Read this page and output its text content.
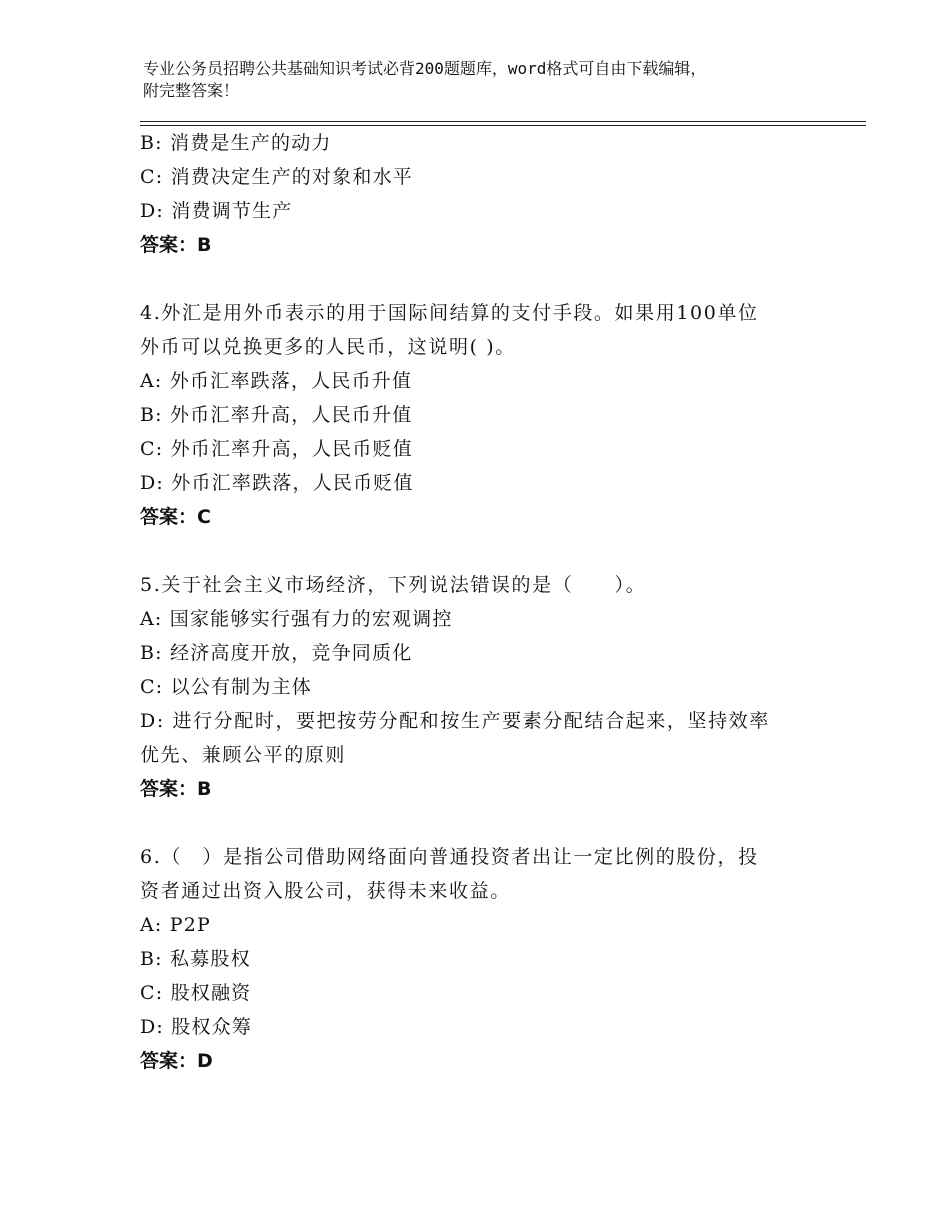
专业公务员招聘公共基础知识考试必背200题题库，word格式可自由下载编辑，
附完整答案！
B: 消费是生产的动力
C: 消费决定生产的对象和水平
D: 消费调节生产
答案：B
4.外汇是用外币表示的用于国际间结算的支付手段。如果用100单位
外币可以兑换更多的人民币，这说明( )。
A: 外币汇率跌落，人民币升值
B: 外币汇率升高，人民币升值
C: 外币汇率升高，人民币贬值
D: 外币汇率跌落，人民币贬值
答案：C
5.关于社会主义市场经济，下列说法错误的是（　　）。
A: 国家能够实行强有力的宏观调控
B: 经济高度开放，竞争同质化
C: 以公有制为主体
D: 进行分配时，要把按劳分配和按生产要素分配结合起来，坚持效率
优先、兼顾公平的原则
答案：B
6.（　）是指公司借助网络面向普通投资者出让一定比例的股份，投
资者通过出资入股公司，获得未来收益。
A: P2P
B: 私募股权
C: 股权融资
D: 股权众筹
答案：D
